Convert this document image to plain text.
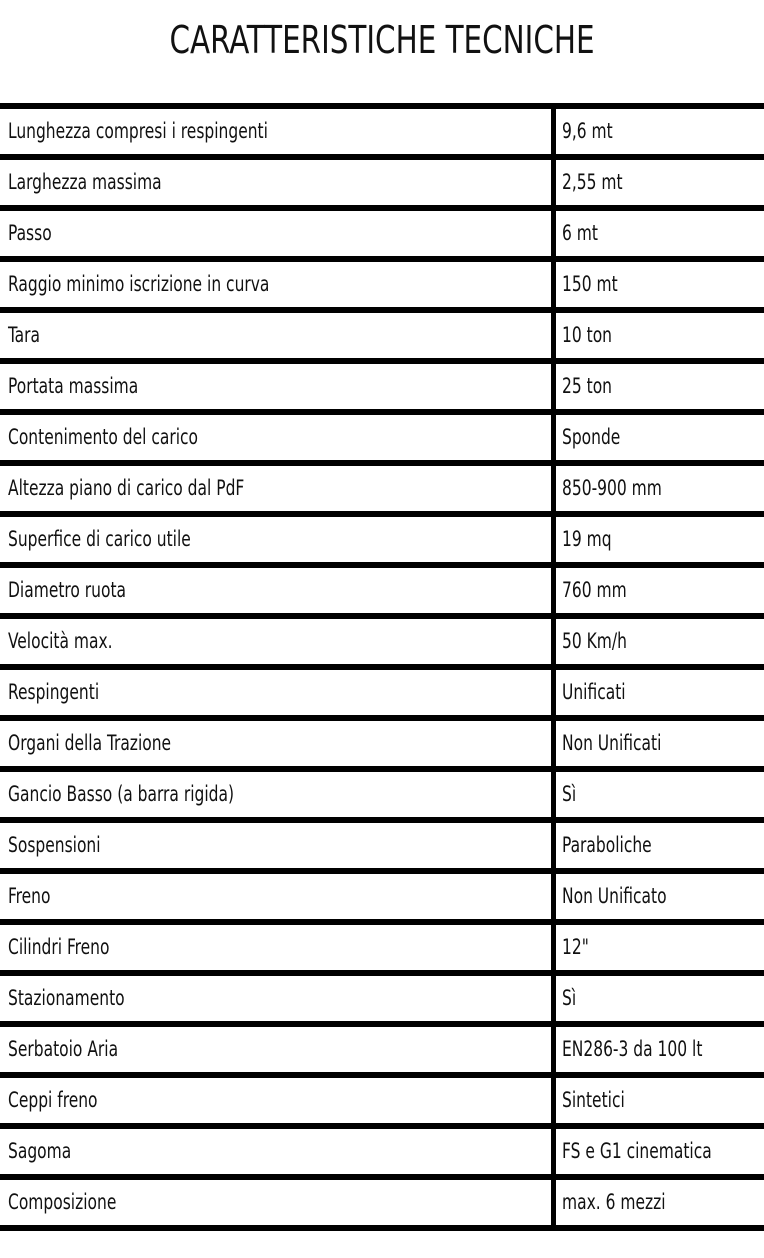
CARATTERISTICHE TECNICHE
Lunghezza compresi i respingenti	9,6 mt
Larghezza massima	2,55 mt
Passo	6 mt
Raggio minimo iscrizione in curva	150 mt
Tara	10 ton
Portata massima	25 ton
Contenimento del carico	Sponde
Altezza piano di carico dal PdF	850-900 mm
Superfice di carico utile	19 mq
Diametro ruota	760 mm
Velocità max.	50 Km/h
Respingenti	Unificati
Organi della Trazione	Non Unificati
Gancio Basso (a barra rigida)	Sì
Sospensioni	Paraboliche
Freno	Non Unificato
Cilindri Freno	12"
Stazionamento	Sì
Serbatoio Aria	EN286-3 da 100 lt
Ceppi freno	Sintetici
Sagoma	FS e G1 cinematica
Composizione	max. 6 mezzi
